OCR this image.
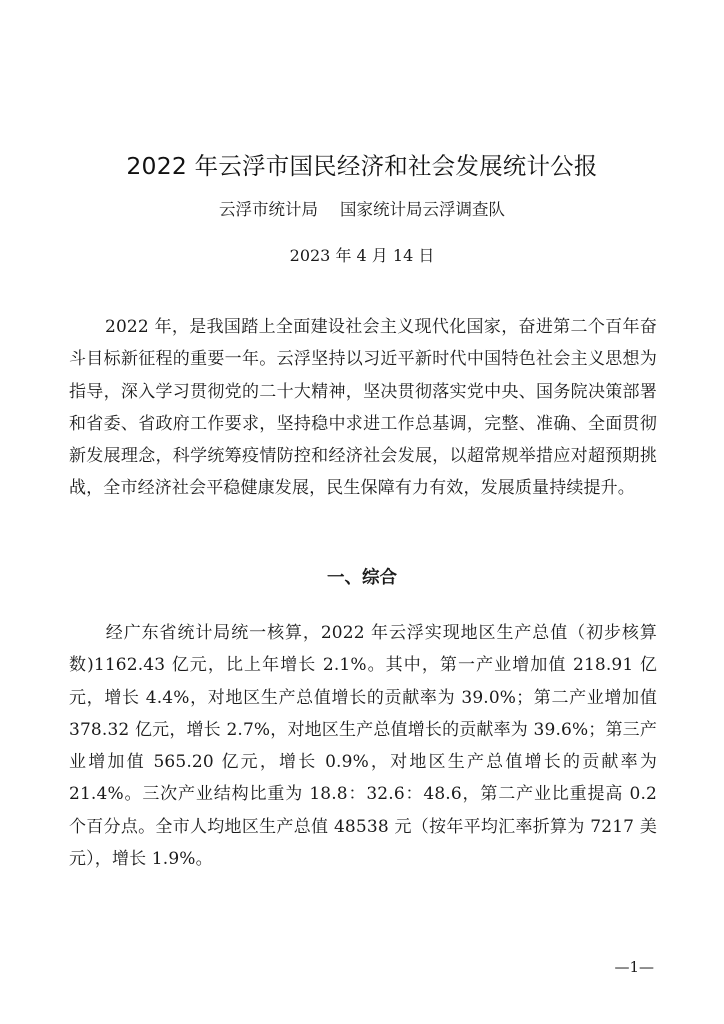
2022 年云浮市国民经济和社会发展统计公报
云浮市统计局 国家统计局云浮调查队
2023 年 4 月 14 日
2022 年，是我国踏上全面建设社会主义现代化国家，奋进第二个百年奋斗目标新征程的重要一年。云浮坚持以习近平新时代中国特色社会主义思想为指导，深入学习贯彻党的二十大精神，坚决贯彻落实党中央、国务院决策部署和省委、省政府工作要求，坚持稳中求进工作总基调，完整、准确、全面贯彻新发展理念，科学统筹疫情防控和经济社会发展，以超常规举措应对超预期挑战，全市经济社会平稳健康发展，民生保障有力有效，发展质量持续提升。
一、综合
经广东省统计局统一核算，2022 年云浮实现地区生产总值（初步核算数)1162.43 亿元，比上年增长 2.1%。其中，第一产业增加值 218.91 亿元，增长 4.4%，对地区生产总值增长的贡献率为 39.0%；第二产业增加值 378.32 亿元，增长 2.7%，对地区生产总值增长的贡献率为 39.6%；第三产业增加值 565.20 亿元，增长 0.9%，对地区生产总值增长的贡献率为 21.4%。三次产业结构比重为 18.8：32.6：48.6，第二产业比重提高 0.2 个百分点。全市人均地区生产总值 48538 元（按年平均汇率折算为 7217 美元），增长 1.9%。
—1—
